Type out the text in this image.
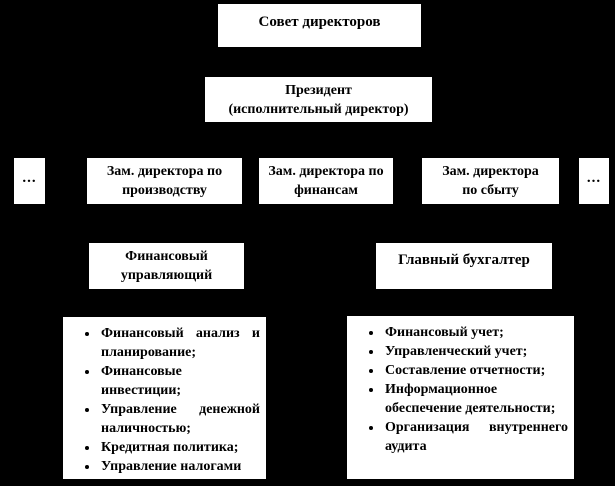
Совет директоров
Президент
(исполнительный директор)
...	Зам. директора по
производству
Зам. директора по
финансам
Зам. директора
по сбыту
...
Финансовый
управляющий
Главный бухгалтер
• Финансовый анализ и планирование;
• Финансовые инвестиции;
• Управление денежной наличностью;
• Кредитная политика;
• Управление налогами
• Финансовый учет;
• Управленческий учет;
• Составление отчетности;
• Информационное обеспечение деятельности;
• Организация внутреннего аудита
